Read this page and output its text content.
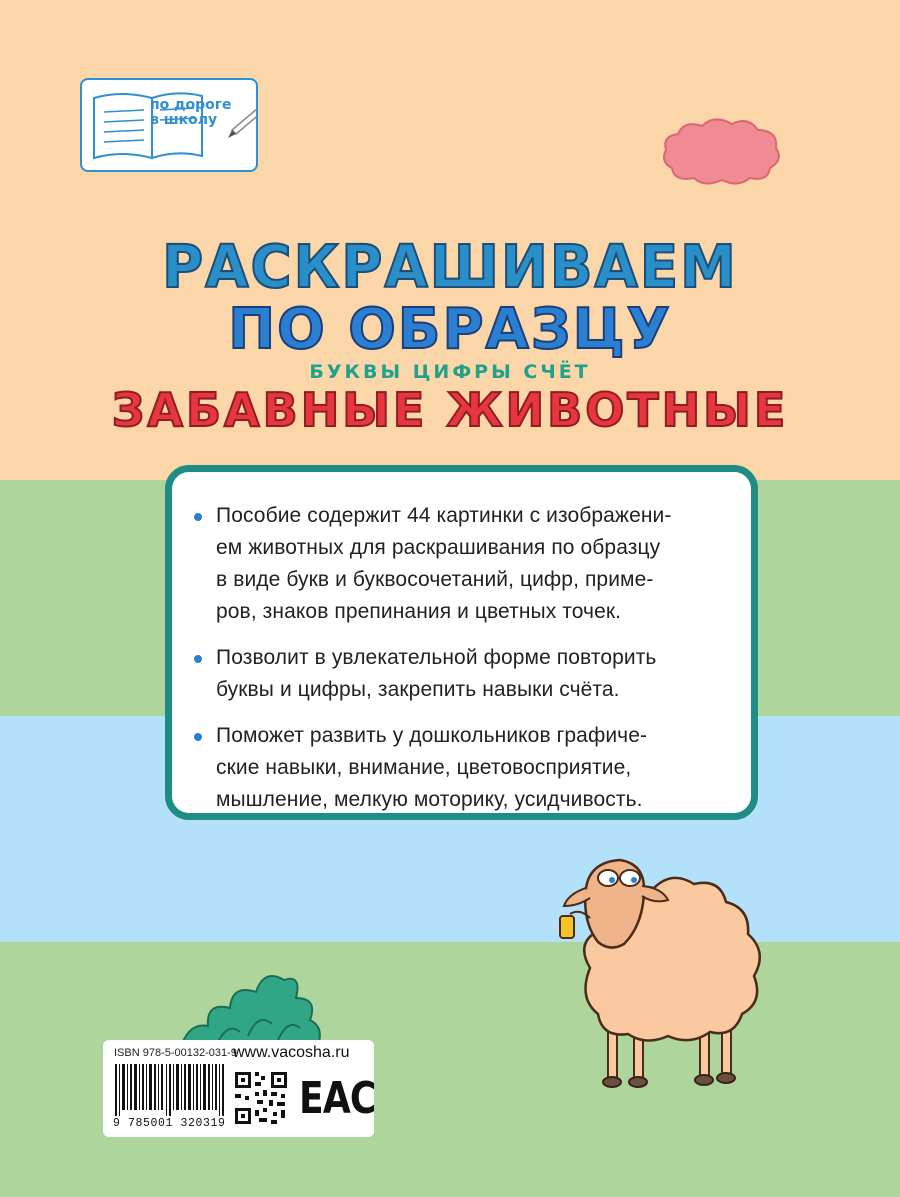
по дороге
в школу
РАСКРАШИВАЕМ
ПО ОБРАЗЦУ
БУКВЫ ЦИФРЫ СЧЁТ
ЗАБАВНЫЕ ЖИВОТНЫЕ
Пособие содержит 44 картинки с изображени-
ем животных для раскрашивания по образцу
в виде букв и буквосочетаний, цифр, приме-
ров, знаков препинания и цветных точек.
Позволит в увлекательной форме повторить
буквы и цифры, закрепить навыки счёта.
Поможет развить у дошкольников графиче-
ские навыки, внимание, цветовосприятие,
мышление, мелкую моторику, усидчивость.
ISBN 978-5-00132-031-9
9 785001 320319
www.vacosha.ru
ЕАС
